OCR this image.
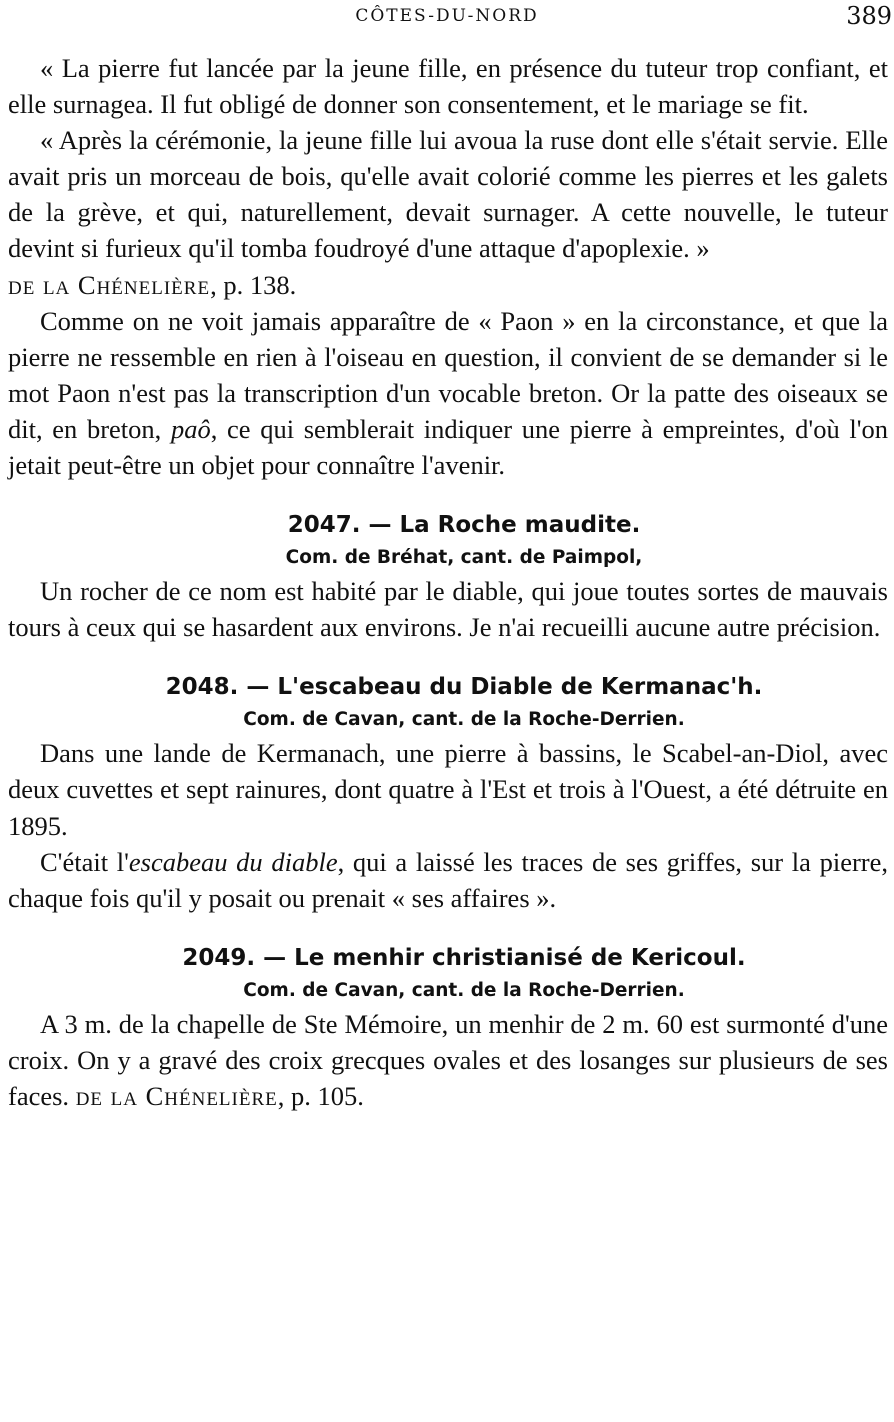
CÔTES-DU-NORD	389

« La pierre fut lancée par la jeune fille, en présence du tuteur trop confiant, et elle surnagea. Il fut obligé de donner son consentement, et le mariage se fit.

« Après la cérémonie, la jeune fille lui avoua la ruse dont elle s'était servie. Elle avait pris un morceau de bois, qu'elle avait colorié comme les pierres et les galets de la grève, et qui, naturellement, devait surnager. A cette nouvelle, le tuteur devint si furieux qu'il tomba foudroyé d'une attaque d'apoplexie. »

de la Chénelière, p. 138.

Comme on ne voit jamais apparaître de « Paon » en la circonstance, et que la pierre ne ressemble en rien à l'oiseau en question, il convient de se demander si le mot Paon n'est pas la transcription d'un vocable breton. Or la patte des oiseaux se dit, en breton, paô, ce qui semblerait indiquer une pierre à empreintes, d'où l'on jetait peut-être un objet pour connaître l'avenir.

2047. — La Roche maudite.

Com. de Bréhat, cant. de Paimpol,

Un rocher de ce nom est habité par le diable, qui joue toutes sortes de mauvais tours à ceux qui se hasardent aux environs. Je n'ai recueilli aucune autre précision.

2048. — L'escabeau du Diable de Kermanac'h.

Com. de Cavan, cant. de la Roche-Derrien.

Dans une lande de Kermanach, une pierre à bassins, le Scabel-an-Diol, avec deux cuvettes et sept rainures, dont quatre à l'Est et trois à l'Ouest, a été détruite en 1895.

C'était l'escabeau du diable, qui a laissé les traces de ses griffes, sur la pierre, chaque fois qu'il y posait ou prenait « ses affaires ».

2049. — Le menhir christianisé de Kericoul.

Com. de Cavan, cant. de la Roche-Derrien.

A 3 m. de la chapelle de Ste Mémoire, un menhir de 2 m. 60 est surmonté d'une croix. On y a gravé des croix grecques ovales et des losanges sur plusieurs de ses faces. de la Chénelière, p. 105.
